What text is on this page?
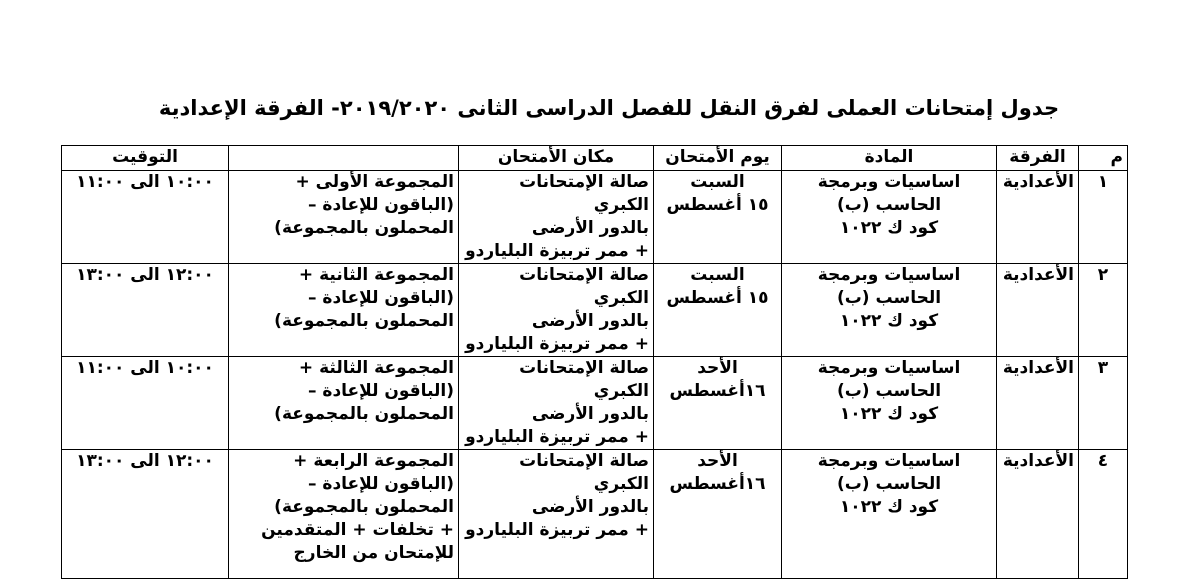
جدول إمتحانات العملى لفرق النقل للفصل الدراسى الثانى ٢٠١٩/٢٠٢٠- الفرقة الإعدادية
م	الفرقة	المادة	يوم الأمتحان	مكان الأمتحان		التوقيت
١	الأعدادية	اساسيات وبرمجة
الحاسب (ب)
كود ك ١٠٢٢	السبت
١٥ أغسطس	صالة الإمتحانات الكبري
بالدور الأرضى
+ ممر تربيزة البلياردو	المجموعة الأولى +
(الباقون للإعادة –
المحملون بالمجموعة)	١٠:٠٠ الى ١١:٠٠
٢	الأعدادية	اساسيات وبرمجة
الحاسب (ب)
كود ك ١٠٢٢	السبت
١٥ أغسطس	صالة الإمتحانات الكبري
بالدور الأرضى
+ ممر تربيزة البلياردو	المجموعة الثانية +
(الباقون للإعادة –
المحملون بالمجموعة)	١٢:٠٠ الى ١٣:٠٠
٣	الأعدادية	اساسيات وبرمجة
الحاسب (ب)
كود ك ١٠٢٢	الأحد
١٦أغسطس	صالة الإمتحانات الكبري
بالدور الأرضى
+ ممر تربيزة البلياردو	المجموعة الثالثة +
(الباقون للإعادة –
المحملون بالمجموعة)	١٠:٠٠ الى ١١:٠٠
٤	الأعدادية	اساسيات وبرمجة
الحاسب (ب)
كود ك ١٠٢٢	الأحد
١٦أغسطس	صالة الإمتحانات الكبري
بالدور الأرضى
+ ممر تربيزة البلياردو	المجموعة الرابعة +
(الباقون للإعادة –
المحملون بالمجموعة)
+ تخلفات + المتقدمين
للإمتحان من الخارج	١٢:٠٠ الى ١٣:٠٠
